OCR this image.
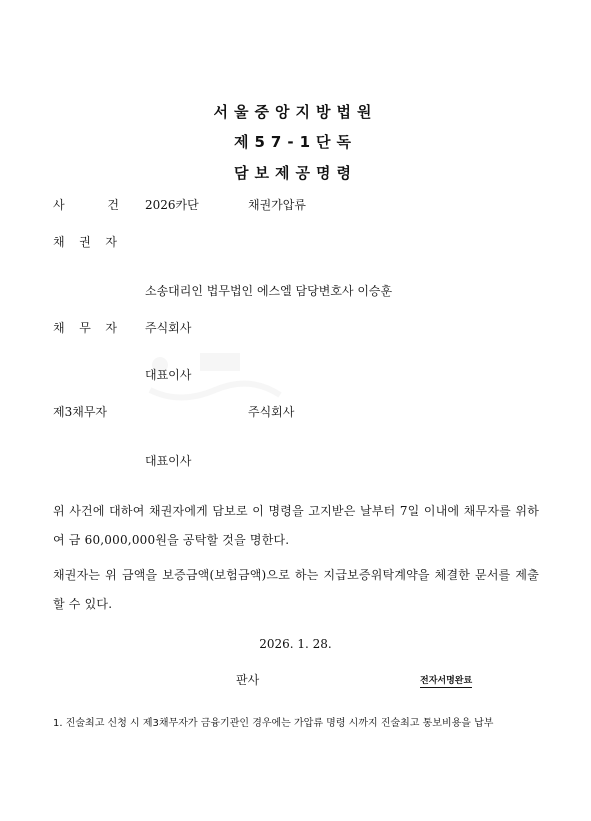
서울중앙지방법원
제57-1단독
담보제공명령
사	건 2026카단	채권가압류
채 권 자
소송대리인 법무법인 에스엘 담당변호사 이승훈
채 무 자 주식회사
대표이사
제3채무자	주식회사
대표이사
위 사건에 대하여 채권자에게 담보로 이 명령을 고지받은 날부터 7일 이내에 채무자를 위하여 금 60,000,000원을 공탁할 것을 명한다.
채권자는 위 금액을 보증금액(보험금액)으로 하는 지급보증위탁계약을 체결한 문서를 제출할 수 있다.
2026. 1. 28.
판사	전자서명완료
1. 진술최고 신청 시 제3채무자가 금융기관인 경우에는 가압류 명령 시까지 진술최고 통보비용을 납부
